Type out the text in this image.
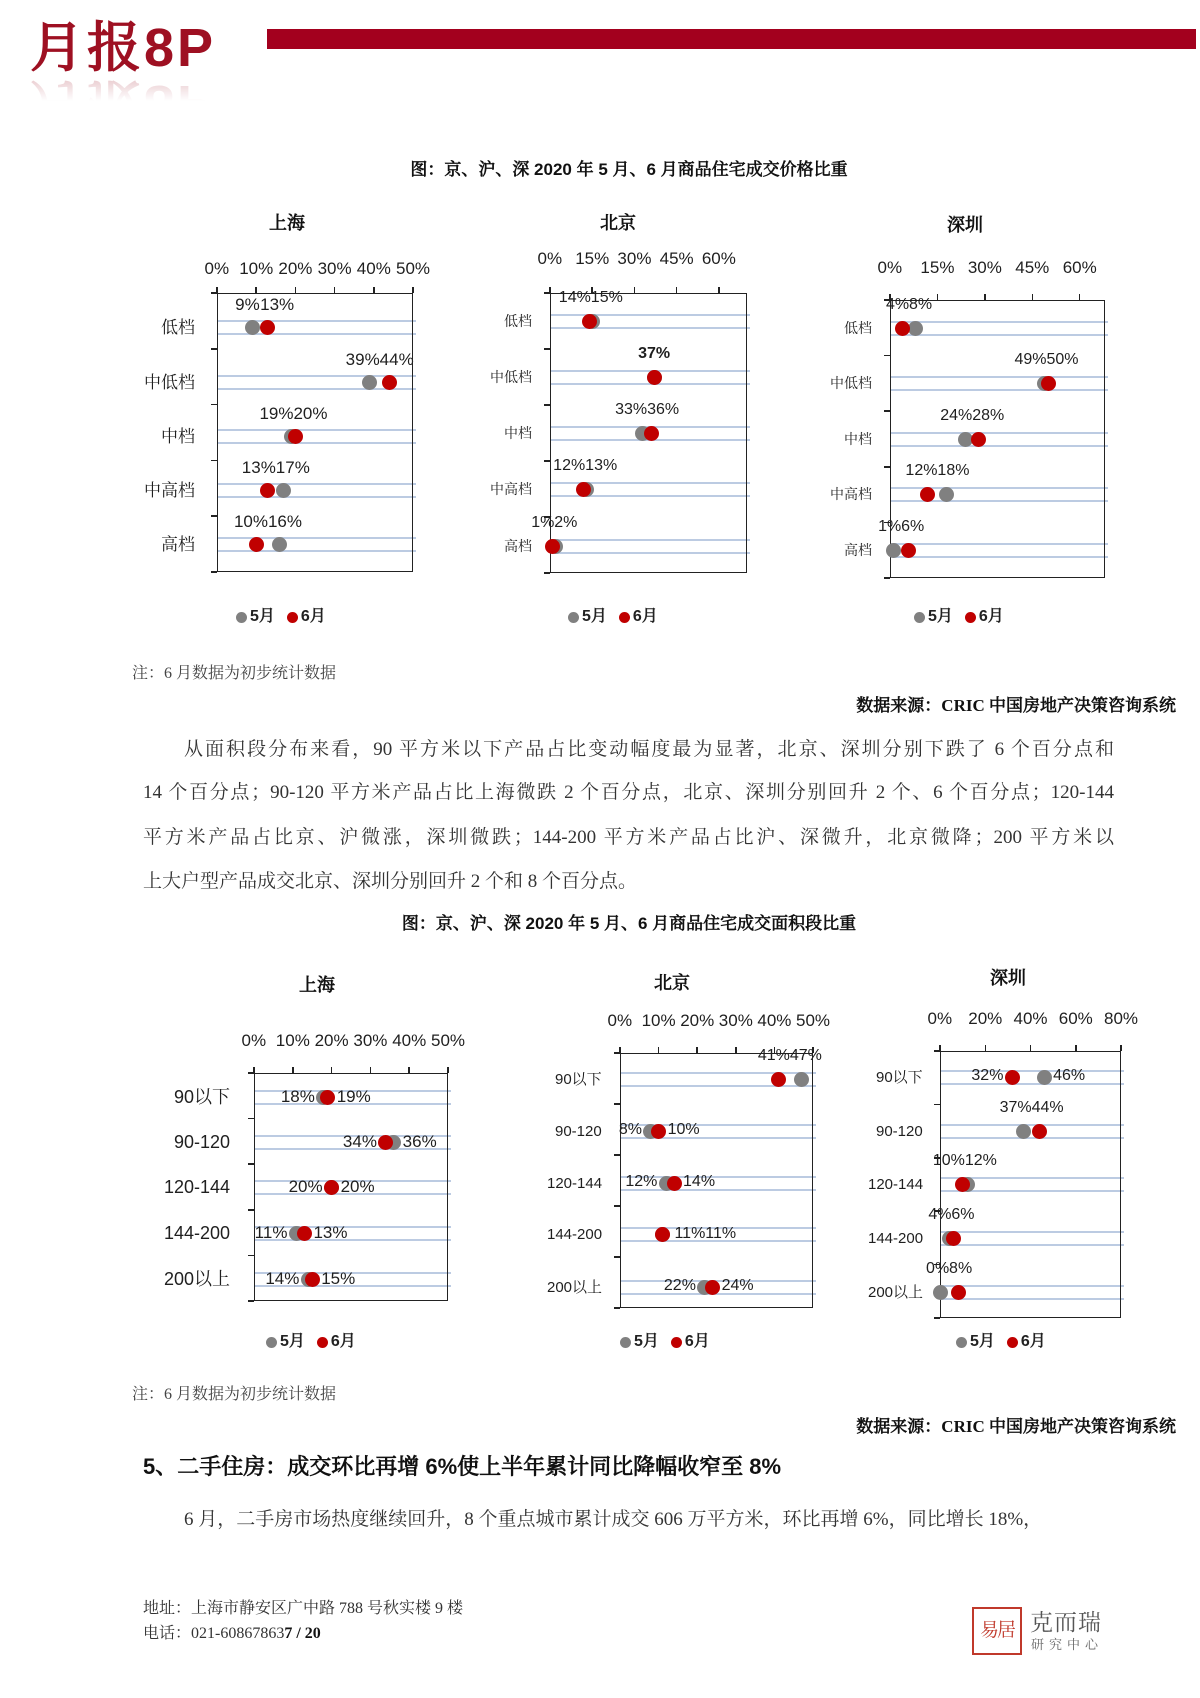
月报8P
图：京、沪、深 2020 年 5 月、6 月商品住宅成交价格比重
上海
0% 10% 20% 30% 40% 50%
低档
中低档
中档
中高档
高档
9% 13%
39% 44%
19% 20%
13% 17%
10% 16%
北京
0% 15% 30% 45% 60%
低档
中低档
中档
中高档
高档
14% 15%
37%
33% 36%
12% 13%
1% 2%
深圳
0% 15% 30% 45% 60%
低档
中低档
中档
中高档
高档
4% 8%
49% 50%
24% 28%
12% 18%
1% 6%
5月 6月	5月 6月	5月 6月
注：6 月数据为初步统计数据
数据来源：CRIC 中国房地产决策咨询系统
从面积段分布来看，90 平方米以下产品占比变动幅度最为显著，北京、深圳分别下跌了 6 个百分点和
14 个百分点；90-120 平方米产品占比上海微跌 2 个百分点，北京、深圳分别回升 2 个、6 个百分点；120-144
平方米产品占比京、沪微涨，深圳微跌；144-200 平方米产品占比沪、深微升，北京微降；200 平方米以
上大户型产品成交北京、深圳分别回升 2 个和 8 个百分点。
图：京、沪、深 2020 年 5 月、6 月商品住宅成交面积段比重
上海
0% 10% 20% 30% 40% 50%
90以下
90-120
120-144
144-200
200以上
18% 19%
34% 36%
20% 20%
11% 13%
14% 15%
北京
0% 10% 20% 30% 40% 50%
90以下
90-120
120-144
144-200
200以上
41% 47%
8% 10%
12% 14%
11%11%
22% 24%
深圳
0% 20% 40% 60% 80%
90以下
90-120
120-144
144-200
200以上
32%	46%
37% 44%
10% 12%
4% 6%
0% 8%
5月 6月	5月 6月	5月 6月
注：6 月数据为初步统计数据
数据来源：CRIC 中国房地产决策咨询系统
5、二手住房：成交环比再增 6%使上半年累计同比降幅收窄至 8%
6 月，二手房市场热度继续回升，8 个重点城市累计成交 606 万平方米，环比再增 6%，同比增长 18%，
地址：上海市静安区广中路 788 号秋实楼 9 楼
电话：021-608678637 / 20	易居 克而瑞
研究中心
